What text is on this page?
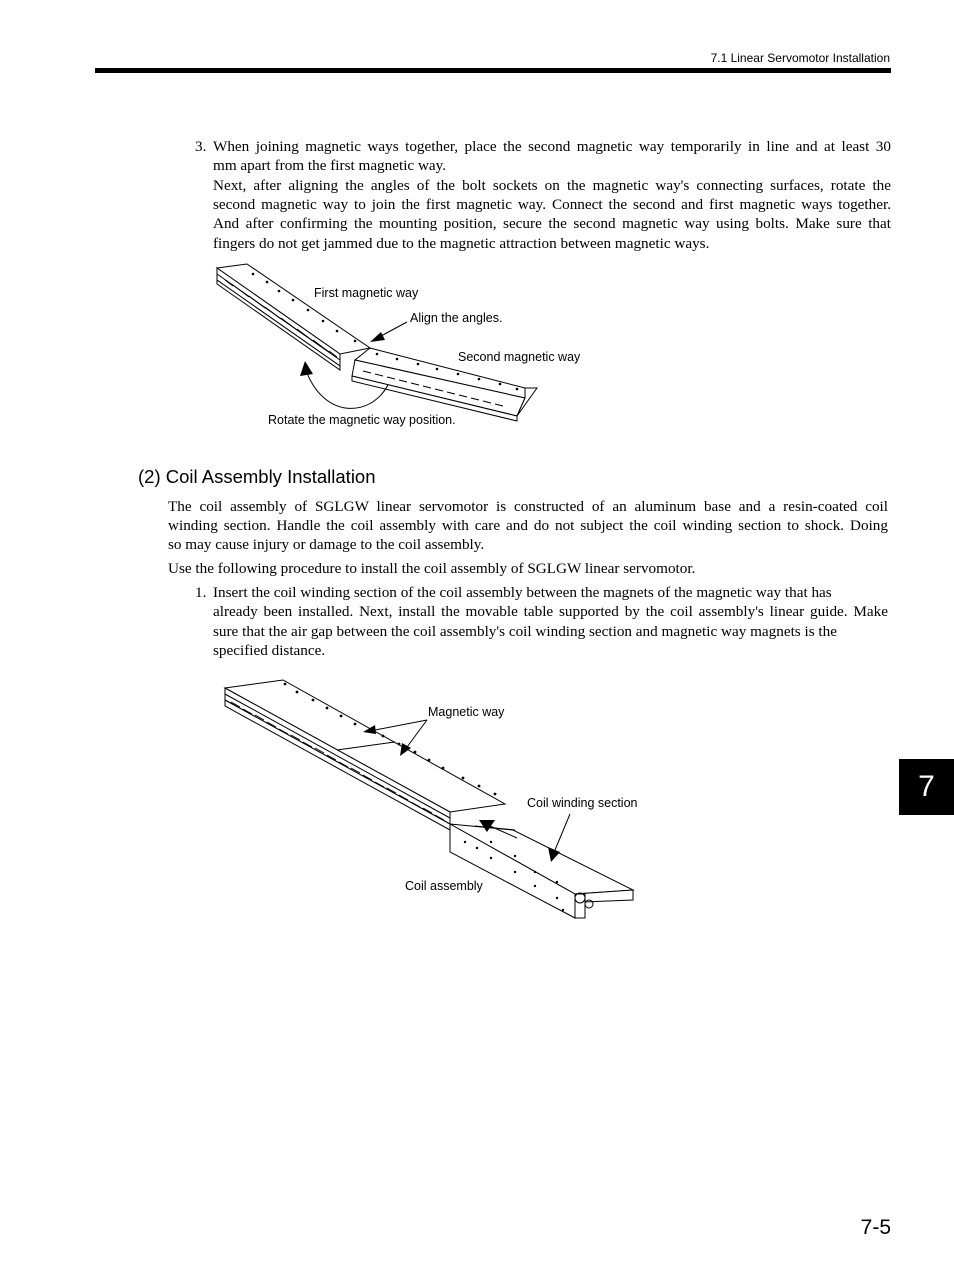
7.1 Linear Servomotor Installation
3. When joining magnetic ways together, place the second magnetic way temporarily in line and at least 30
mm apart from the first magnetic way.
Next, after aligning the angles of the bolt sockets on the magnetic way's connecting surfaces, rotate the
second magnetic way to join the first magnetic way. Connect the second and first magnetic ways together.
And after confirming the mounting position, secure the second magnetic way using bolts. Make sure that
fingers do not get jammed due to the magnetic attraction between magnetic ways.
First magnetic way
Align the angles.
Second magnetic way
Rotate the magnetic way position.
(2) Coil Assembly Installation
The coil assembly of SGLGW linear servomotor is constructed of an aluminum base and a resin-coated coil
winding section. Handle the coil assembly with care and do not subject the coil winding section to shock. Doing
so may cause injury or damage to the coil assembly.
Use the following procedure to install the coil assembly of SGLGW linear servomotor.
1. Insert the coil winding section of the coil assembly between the magnets of the magnetic way that has
already been installed. Next, install the movable table supported by the coil assembly's linear guide. Make
sure that the air gap between the coil assembly's coil winding section and magnetic way magnets is the
specified distance.
Magnetic way
Coil winding section
Coil assembly
7
7-5
